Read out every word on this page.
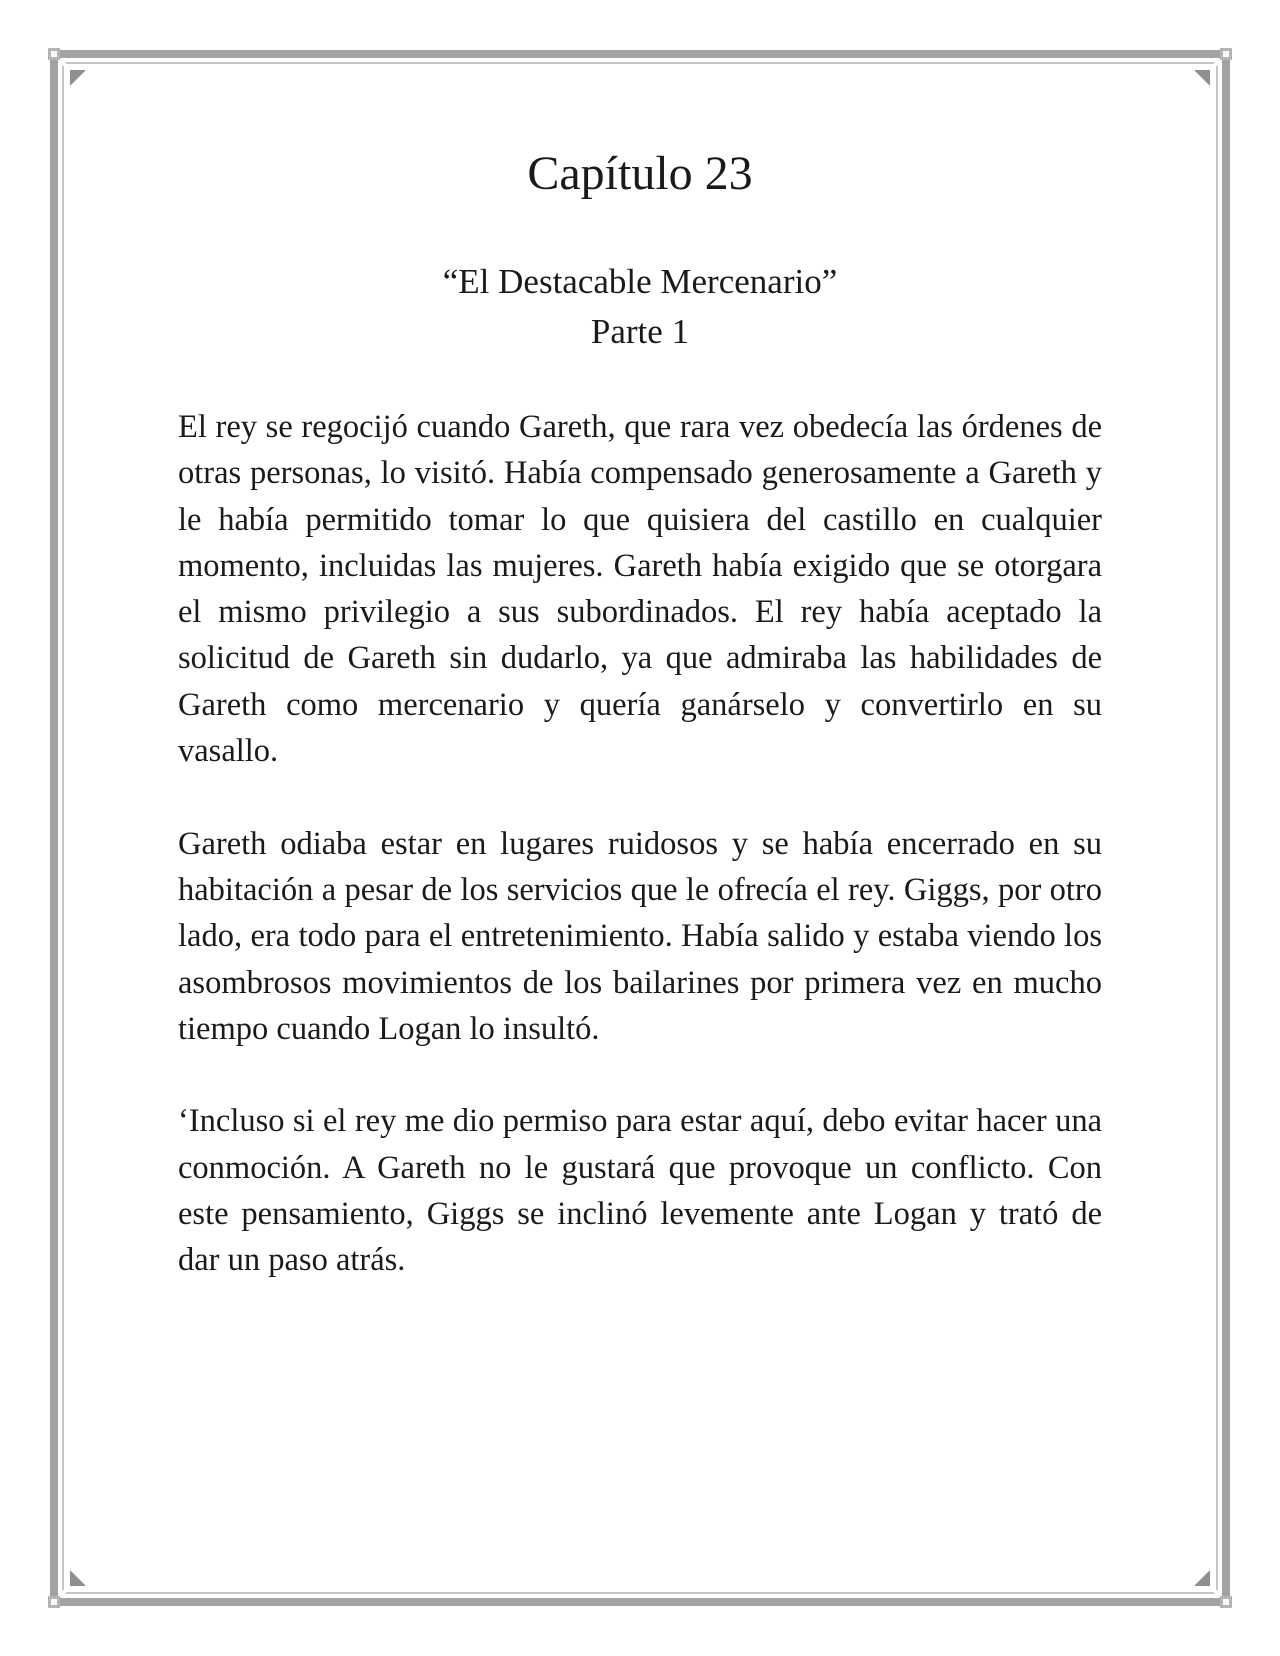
Capítulo 23
“El Destacable Mercenario”
Parte 1

El rey se regocijó cuando Gareth, que rara vez obedecía las órdenes de otras personas, lo visitó. Había compensado generosamente a Gareth y le había permitido tomar lo que quisiera del castillo en cualquier momento, incluidas las mujeres. Gareth había exigido que se otorgara el mismo privilegio a sus subordinados. El rey había aceptado la solicitud de Gareth sin dudarlo, ya que admiraba las habilidades de Gareth como mercenario y quería ganárselo y convertirlo en su vasallo.

Gareth odiaba estar en lugares ruidosos y se había encerrado en su habitación a pesar de los servicios que le ofrecía el rey. Giggs, por otro lado, era todo para el entretenimiento. Había salido y estaba viendo los asombrosos movimientos de los bailarines por primera vez en mucho tiempo cuando Logan lo insultó.

‘Incluso si el rey me dio permiso para estar aquí, debo evitar hacer una conmoción. A Gareth no le gustará que provoque un conflicto. Con este pensamiento, Giggs se inclinó levemente ante Logan y trató de dar un paso atrás.
